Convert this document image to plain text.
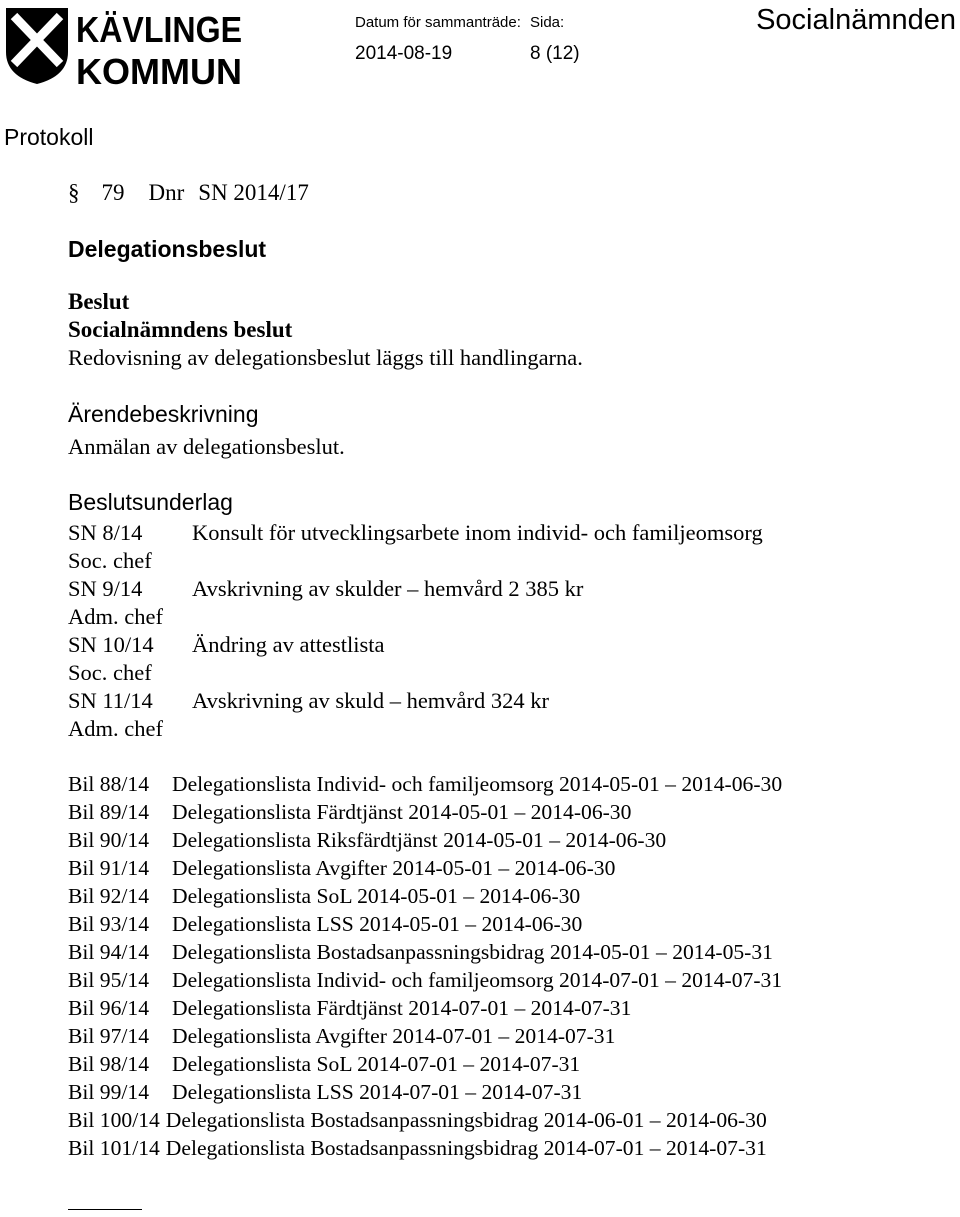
KÄVLINGE
KOMMUN
Datum för sammanträde:
2014-08-19
Sida:
8 (12)
Socialnämnden
Protokoll
§ 79 Dnr SN 2014/17
Delegationsbeslut
Beslut
Socialnämndens beslut
Redovisning av delegationsbeslut läggs till handlingarna.
Ärendebeskrivning
Anmälan av delegationsbeslut.
Beslutsunderlag
SN 8/14 Konsult för utvecklingsarbete inom individ- och familjeomsorg
Soc. chef
SN 9/14 Avskrivning av skulder – hemvård 2 385 kr
Adm. chef
SN 10/14 Ändring av attestlista
Soc. chef
SN 11/14 Avskrivning av skuld – hemvård 324 kr
Adm. chef
Bil 88/14 Delegationslista Individ- och familjeomsorg 2014-05-01 – 2014-06-30
Bil 89/14 Delegationslista Färdtjänst 2014-05-01 – 2014-06-30
Bil 90/14 Delegationslista Riksfärdtjänst 2014-05-01 – 2014-06-30
Bil 91/14 Delegationslista Avgifter 2014-05-01 – 2014-06-30
Bil 92/14 Delegationslista SoL 2014-05-01 – 2014-06-30
Bil 93/14 Delegationslista LSS 2014-05-01 – 2014-06-30
Bil 94/14 Delegationslista Bostadsanpassningsbidrag 2014-05-01 – 2014-05-31
Bil 95/14 Delegationslista Individ- och familjeomsorg 2014-07-01 – 2014-07-31
Bil 96/14 Delegationslista Färdtjänst 2014-07-01 – 2014-07-31
Bil 97/14 Delegationslista Avgifter 2014-07-01 – 2014-07-31
Bil 98/14 Delegationslista SoL 2014-07-01 – 2014-07-31
Bil 99/14 Delegationslista LSS 2014-07-01 – 2014-07-31
Bil 100/14 Delegationslista Bostadsanpassningsbidrag 2014-06-01 – 2014-06-30
Bil 101/14 Delegationslista Bostadsanpassningsbidrag 2014-07-01 – 2014-07-31
